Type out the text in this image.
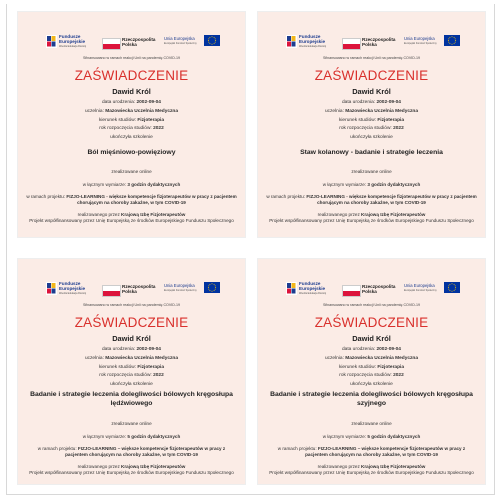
Fundusze
Europejskie
Wiedza Edukacja Rozwój
Rzeczpospolita
Polska
Unia Europejska
Europejski Fundusz Społeczny
Sfinansowano w ramach reakcji Unii na pandemię COVID-19
ZAŚWIADCZENIE
Dawid Król
data urodzenia: 2002-09-04
uczelnia: Mazowiecka Uczelnia Medyczna
kierunek studiów: Fizjoterapia
rok rozpoczęcia studiów: 2022
ukończyła szkolenie
Ból mięśniowo-powięziowy
zrealizowane online
w łącznym wymiarze: 3 godzin dydaktycznych
w ramach projektu: FIZJO-LEARNING - większe kompetencje fizjoterapeutów w pracy z pacjentem chorującym na choroby zakaźne, w tym COVID-19
realizowanego przez Krajową Izbę Fizjoterapeutów
Projekt współfinansowany przez Unię Europejską ze środków Europejskiego Funduszu Społecznego
Fundusze
Europejskie
Wiedza Edukacja Rozwój
Rzeczpospolita
Polska
Unia Europejska
Europejski Fundusz Społeczny
Sfinansowano w ramach reakcji Unii na pandemię COVID-19
ZAŚWIADCZENIE
Dawid Król
data urodzenia: 2002-09-04
uczelnia: Mazowiecka Uczelnia Medyczna
kierunek studiów: Fizjoterapia
rok rozpoczęcia studiów: 2022
ukończyła szkolenie
Staw kolanowy - badanie i strategie leczenia
zrealizowane online
w łącznym wymiarze: 3 godzin dydaktycznych
w ramach projektu: FIZJO-LEARNING - większe kompetencje fizjoterapeutów w pracy z pacjentem chorującym na choroby zakaźne, w tym COVID-19
realizowanego przez Krajową Izbę Fizjoterapeutów
Projekt współfinansowany przez Unię Europejską ze środków Europejskiego Funduszu Społecznego
Fundusze
Europejskie
Wiedza Edukacja Rozwój
Rzeczpospolita
Polska
Unia Europejska
Europejski Fundusz Społeczny
Sfinansowano w ramach reakcji Unii na pandemię COVID-19
ZAŚWIADCZENIE
Dawid Król
data urodzenia: 2002-09-04
uczelnia: Mazowiecka Uczelnia Medyczna
kierunek studiów: Fizjoterapia
rok rozpoczęcia studiów: 2022
ukończyła szkolenie
Badanie i strategie leczenia dolegliwości bólowych kręgosłupa lędźwiowego
zrealizowane online
w łącznym wymiarze: 5 godzin dydaktycznych
w ramach projektu: FIZJO-LEARNING – większe kompetencje fizjoterapeutów w pracy z pacjentem chorującym na choroby zakaźne, w tym COVID-19
realizowanego przez Krajową Izbę Fizjoterapeutów
Projekt współfinansowany przez Unię Europejską ze środków Europejskiego Funduszu Społecznego
Fundusze
Europejskie
Wiedza Edukacja Rozwój
Rzeczpospolita
Polska
Unia Europejska
Europejski Fundusz Społeczny
Sfinansowano w ramach reakcji Unii na pandemię COVID-19
ZAŚWIADCZENIE
Dawid Król
data urodzenia: 2002-09-04
uczelnia: Mazowiecka Uczelnia Medyczna
kierunek studiów: Fizjoterapia
rok rozpoczęcia studiów: 2022
ukończyła szkolenie
Badanie i strategie leczenia dolegliwości bólowych kręgosłupa szyjnego
zrealizowane online
w łącznym wymiarze: 5 godzin dydaktycznych
w ramach projektu: FIZJO-LEARNING – większe kompetencje fizjoterapeutów w pracy z pacjentem chorującym na choroby zakaźne, w tym COVID-19
realizowanego przez Krajową Izbę Fizjoterapeutów
Projekt współfinansowany przez Unię Europejską ze środków Europejskiego Funduszu Społecznego
